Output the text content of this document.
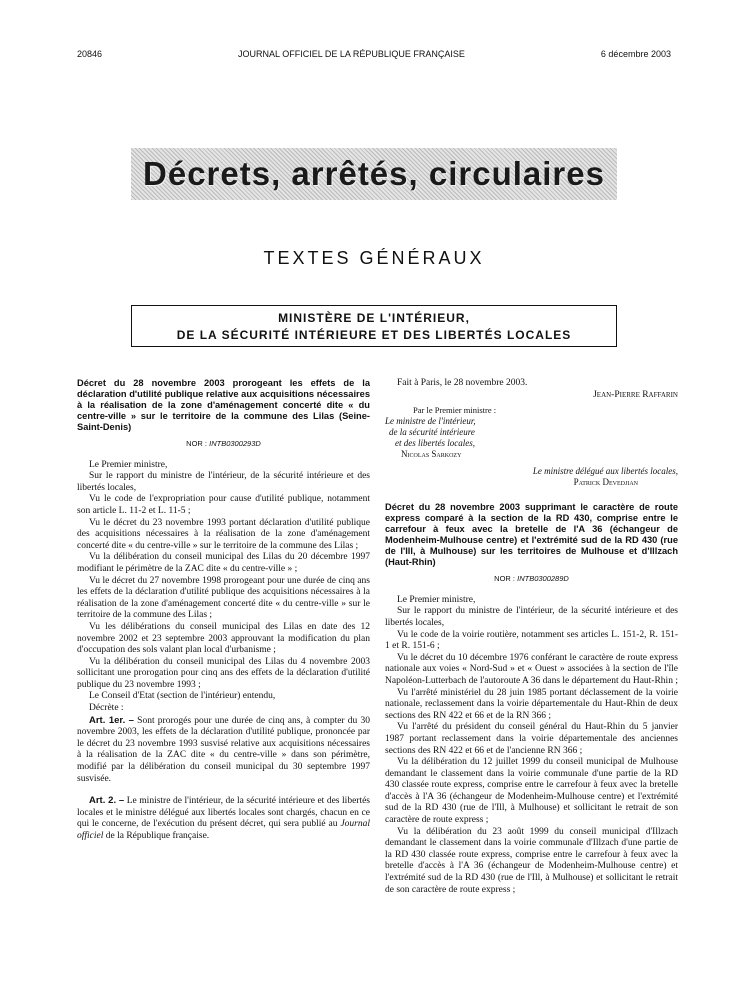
20846	JOURNAL OFFICIEL DE LA RÉPUBLIQUE FRANÇAISE	6 décembre 2003
Décrets, arrêtés, circulaires
TEXTES GÉNÉRAUX
MINISTÈRE DE L'INTÉRIEUR,
DE LA SÉCURITÉ INTÉRIEURE ET DES LIBERTÉS LOCALES

Décret du 28 novembre 2003 prorogeant les effets de la déclaration d'utilité publique relative aux acquisitions nécessaires à la réalisation de la zone d'aménagement concerté dite « du centre-ville » sur le territoire de la commune des Lilas (Seine-Saint-Denis)

NOR : INTB0300293D

Le Premier ministre,

Sur le rapport du ministre de l'intérieur, de la sécurité intérieure et des libertés locales,

Vu le code de l'expropriation pour cause d'utilité publique, notamment son article L. 11-2 et L. 11-5 ;

Vu le décret du 23 novembre 1993 portant déclaration d'utilité publique des acquisitions nécessaires à la réalisation de la zone d'aménagement concerté dite « du centre-ville » sur le territoire de la commune des Lilas ;

Vu la délibération du conseil municipal des Lilas du 20 décembre 1997 modifiant le périmètre de la ZAC dite « du centre-ville » ;

Vu le décret du 27 novembre 1998 prorogeant pour une durée de cinq ans les effets de la déclaration d'utilité publique des acquisitions nécessaires à la réalisation de la zone d'aménagement concerté dite « du centre-ville » sur le territoire de la commune des Lilas ;

Vu les délibérations du conseil municipal des Lilas en date des 12 novembre 2002 et 23 septembre 2003 approuvant la modification du plan d'occupation des sols valant plan local d'urbanisme ;

Vu la délibération du conseil municipal des Lilas du 4 novembre 2003 sollicitant une prorogation pour cinq ans des effets de la déclaration d'utilité publique du 23 novembre 1993 ;

Le Conseil d'Etat (section de l'intérieur) entendu,

Décrète :

Art. 1er. – Sont prorogés pour une durée de cinq ans, à compter du 30 novembre 2003, les effets de la déclaration d'utilité publique, prononcée par le décret du 23 novembre 1993 susvisé relative aux acquisitions nécessaires à la réalisation de la ZAC dite « du centre-ville » dans son périmètre, modifié par la délibération du conseil municipal du 30 septembre 1997 susvisée.

Art. 2. – Le ministre de l'intérieur, de la sécurité intérieure et des libertés locales et le ministre délégué aux libertés locales sont chargés, chacun en ce qui le concerne, de l'exécution du présent décret, qui sera publié au Journal officiel de la République française.

Fait à Paris, le 28 novembre 2003.

Jean-Pierre Raffarin
Par le Premier ministre :
Le ministre de l'intérieur,
de la sécurité intérieure
et des libertés locales,
Nicolas Sarkozy
Le ministre délégué aux libertés locales,
Patrick Devedjian

Décret du 28 novembre 2003 supprimant le caractère de route express comparé à la section de la RD 430, comprise entre le carrefour à feux avec la bretelle de l'A 36 (échangeur de Modenheim-Mulhouse centre) et l'extrémité sud de la RD 430 (rue de l'Ill, à Mulhouse) sur les territoires de Mulhouse et d'Illzach (Haut-Rhin)

NOR : INTB0300289D

Le Premier ministre,

Sur le rapport du ministre de l'intérieur, de la sécurité intérieure et des libertés locales,

Vu le code de la voirie routière, notamment ses articles L. 151-2, R. 151-1 et R. 151-6 ;

Vu le décret du 10 décembre 1976 conférant le caractère de route express nationale aux voies « Nord-Sud » et « Ouest » associées à la section de l'île Napoléon-Lutterbach de l'autoroute A 36 dans le département du Haut-Rhin ;

Vu l'arrêté ministériel du 28 juin 1985 portant déclassement de la voirie nationale, reclassement dans la voirie départementale du Haut-Rhin de deux sections des RN 422 et 66 et de la RN 366 ;

Vu l'arrêté du président du conseil général du Haut-Rhin du 5 janvier 1987 portant reclassement dans la voirie départementale des anciennes sections des RN 422 et 66 et de l'ancienne RN 366 ;

Vu la délibération du 12 juillet 1999 du conseil municipal de Mulhouse demandant le classement dans la voirie communale d'une partie de la RD 430 classée route express, comprise entre le carrefour à feux avec la bretelle d'accès à l'A 36 (échangeur de Modenheim-Mulhouse centre) et l'extrémité sud de la RD 430 (rue de l'Ill, à Mulhouse) et sollicitant le retrait de son caractère de route express ;

Vu la délibération du 23 août 1999 du conseil municipal d'Illzach demandant le classement dans la voirie communale d'Illzach d'une partie de la RD 430 classée route express, comprise entre le carrefour à feux avec la bretelle d'accès à l'A 36 (échangeur de Modenheim-Mulhouse centre) et l'extrémité sud de la RD 430 (rue de l'Ill, à Mulhouse) et sollicitant le retrait de son caractère de route express ;
